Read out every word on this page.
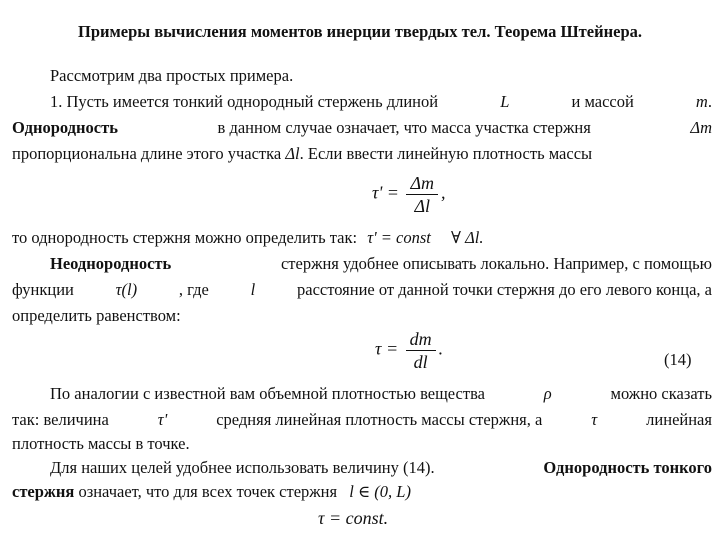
Примеры вычисления моментов инерции твердых тел. Теорема Штейнера.
Рассмотрим два простых примера.
1. Пусть имеется тонкий однородный стержень длиной	L	и массой	m.
Однородность	в данном случае означает, что масса участка стержня	Δm
пропорциональна длине этого участка Δl. Если ввести линейную плотность массы
$\tau' = \frac{\Delta m}{\Delta l}$ ,
то однородность стержня можно определить так: τ' = const ∀ Δl.
Неоднородность	стержня удобнее описывать локально. Например, с помощью
функции	τ(l)	, где	l	расстояние от данной точки стержня до его левого конца, а
определить равенством:
$\tau = \frac{dm}{dl}$ .
(14)
По аналогии с известной вам объемной плотностью вещества	ρ	можно сказать
так: величина	τ'	средняя линейная плотность массы стержня, а	τ	линейная
плотность массы в точке.
Для наших целей удобнее использовать величину (14).	Однородность тонкого
стержня означает, что для всех точек стержня l ∈ (0, L)
τ = const.
